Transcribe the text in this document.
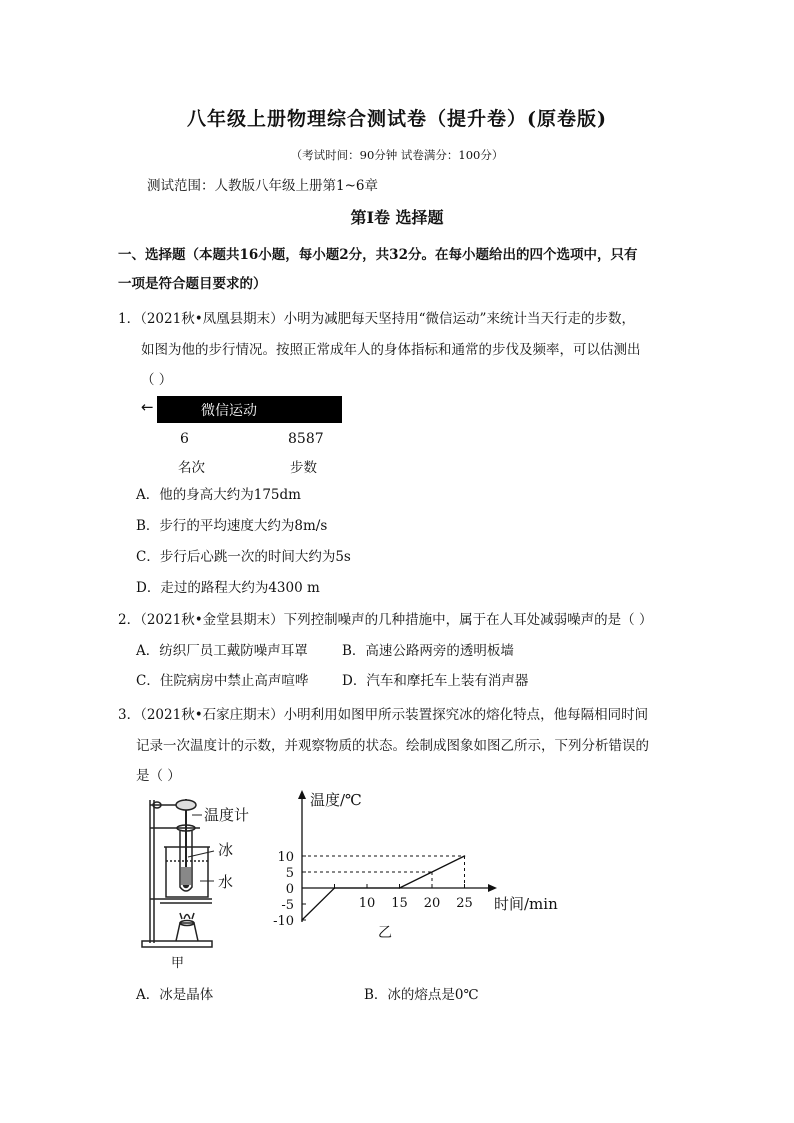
八年级上册物理综合测试卷（提升卷）(原卷版)
（考试时间：90分钟 试卷满分：100分）
测试范围：人教版八年级上册第1~6章
第Ⅰ卷 选择题
一、选择题（本题共16小题，每小题2分，共32分。在每小题给出的四个选项中，只有
一项是符合题目要求的）
1．（2021秋•凤凰县期末）小明为减肥每天坚持用“微信运动”来统计当天行走的步数，
如图为他的步行情况。按照正常成年人的身体指标和通常的步伐及频率，可以估测出
（ ）
←	微信运动
6	8587
名次	步数
A．他的身高大约为175dm
B．步行的平均速度大约为8m/s
C．步行后心跳一次的时间大约为5s
D．走过的路程大约为4300 m
2．（2021秋•金堂县期末）下列控制噪声的几种措施中，属于在人耳处减弱噪声的是（ ）
A．纺织厂员工戴防噪声耳罩	B．高速公路两旁的透明板墙
C．住院病房中禁止高声喧哗 D．汽车和摩托车上装有消声器
3．（2021秋•石家庄期末）小明利用如图甲所示装置探究冰的熔化特点，他每隔相同时间
记录一次温度计的示数，并观察物质的状态。绘制成图象如图乙所示，下列分析错误的
是（ ）
温度计
冰
水
甲
10
5
0
-5
-10
10 15 20 25
温度/℃
时间/min
乙
A．冰是晶体	B．冰的熔点是0℃
